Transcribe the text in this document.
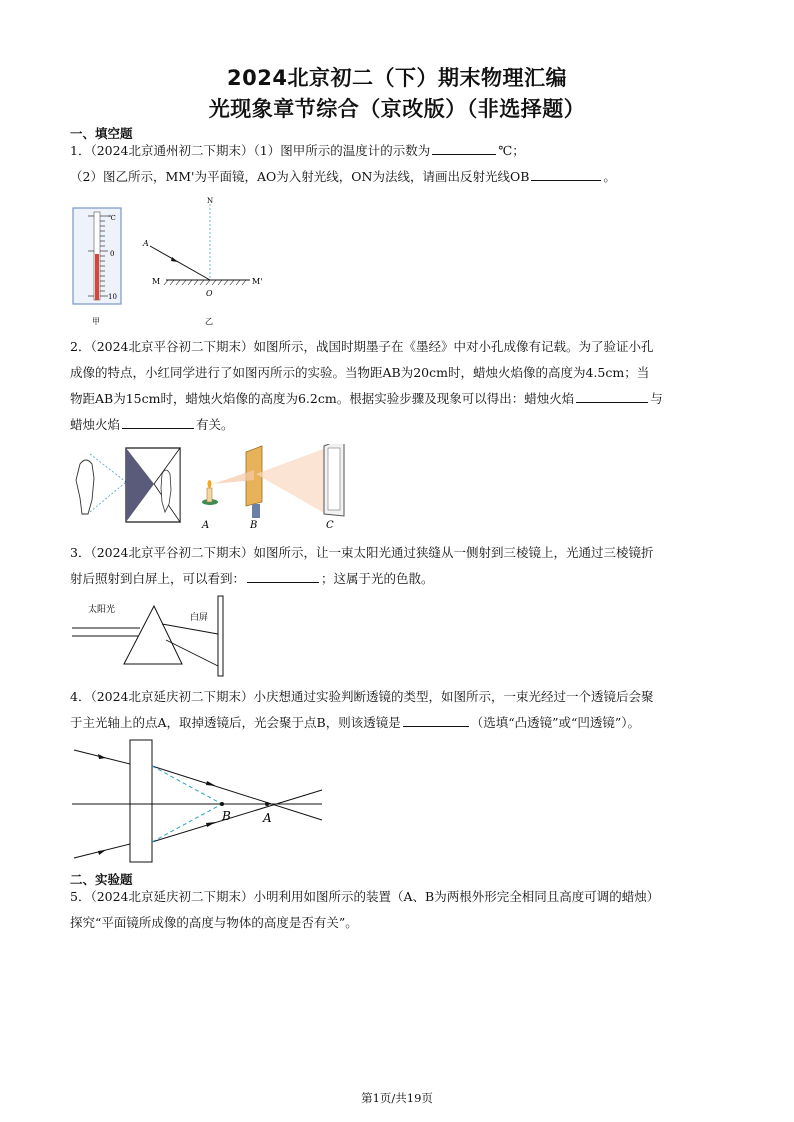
2024北京初二（下）期末物理汇编
光现象章节综合（京改版）（非选择题）
一、填空题
1．（2024北京通州初二下期末）（1）图甲所示的温度计的示数为	℃；
（2）图乙所示，MM'为平面镜，AO为入射光线，ON为法线，请画出反射光线OB	。
℃
0
10
甲
N
A
M
O
M'
乙
2．（2024北京平谷初二下期末）如图所示，战国时期墨子在《墨经》中对小孔成像有记载。为了验证小孔
成像的特点，小红同学进行了如图丙所示的实验。当物距AB为20cm时，蜡烛火焰像的高度为4.5cm；当
物距AB为15cm时，蜡烛火焰像的高度为6.2cm。根据实验步骤及现象可以得出：蜡烛火焰	与
蜡烛火焰	有关。
A	B	C
3．（2024北京平谷初二下期末）如图所示，让一束太阳光通过狭缝从一侧射到三棱镜上，光通过三棱镜折
射后照射到白屏上，可以看到：	；这属于光的色散。
太阳光
白屏
4．（2024北京延庆初二下期末）小庆想通过实验判断透镜的类型，如图所示，一束光经过一个透镜后会聚
于主光轴上的点A，取掉透镜后，光会聚于点B，则该透镜是	（选填“凸透镜”或“凹透镜”）。
B	A
二、实验题
5．（2024北京延庆初二下期末）小明利用如图所示的装置（A、B为两根外形完全相同且高度可调的蜡烛）
探究“平面镜所成像的高度与物体的高度是否有关”。
第1页/共19页
